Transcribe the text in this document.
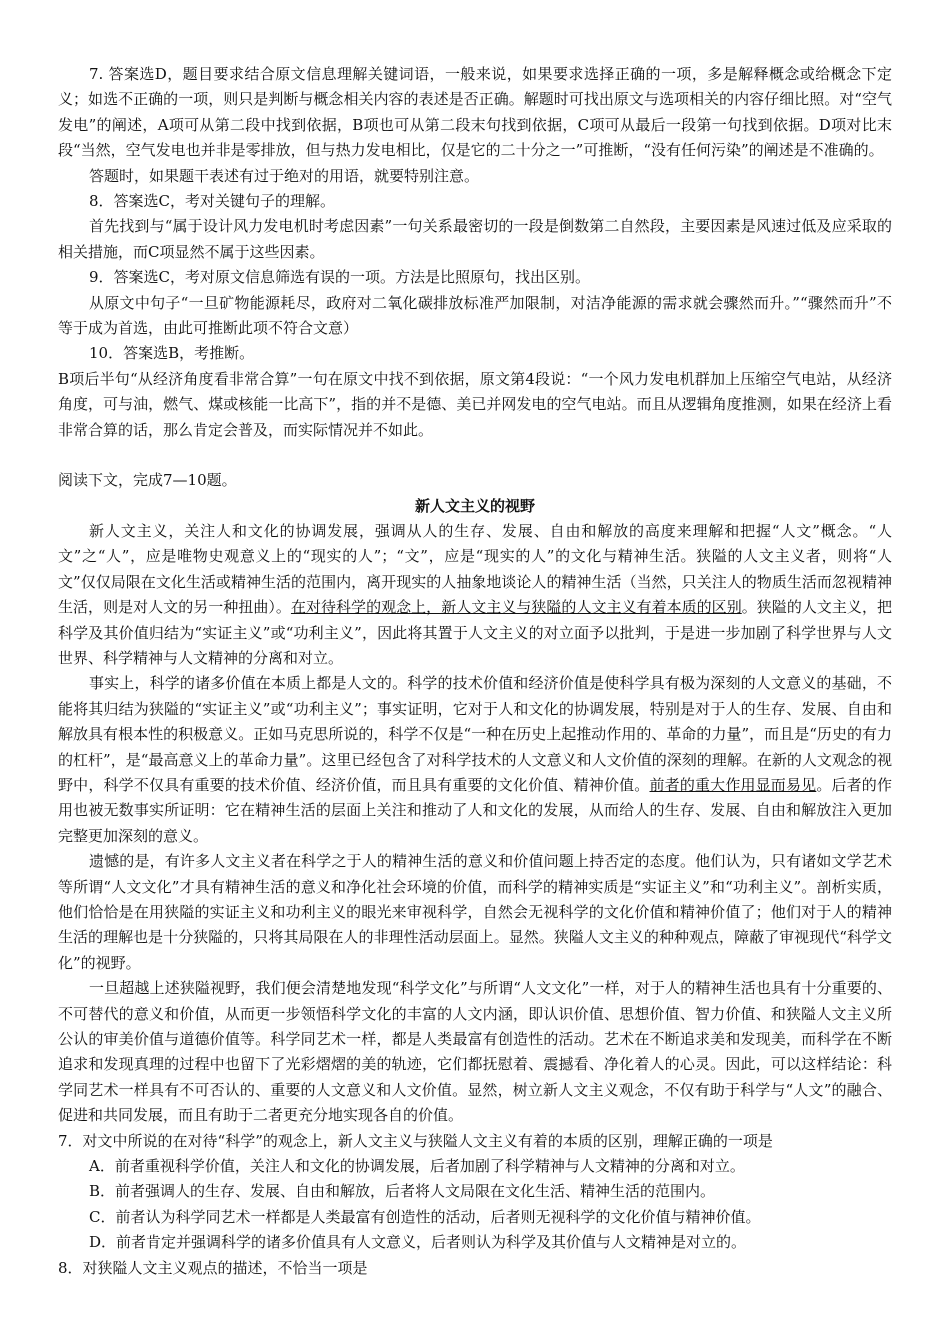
7. 答案选D，题目要求结合原文信息理解关键词语，一般来说，如果要求选择正确的一项，多是解释概念或给概念下定义；如选不正确的一项，则只是判断与概念相关内容的表述是否正确。解题时可找出原文与选项相关的内容仔细比照。对“空气发电”的阐述，A项可从第二段中找到依据，B项也可从第二段末句找到依据，C项可从最后一段第一句找到依据。D项对比末段“当然，空气发电也并非是零排放，但与热力发电相比，仅是它的二十分之一”可推断，“没有任何污染”的阐述是不准确的。

答题时，如果题干表述有过于绝对的用语，就要特别注意。

8．答案选C，考对关键句子的理解。

首先找到与“属于设计风力发电机时考虑因素”一句关系最密切的一段是倒数第二自然段，主要因素是风速过低及应采取的相关措施，而C项显然不属于这些因素。

9．答案选C，考对原文信息筛选有误的一项。方法是比照原句，找出区别。

从原文中句子“一旦矿物能源耗尽，政府对二氧化碳排放标准严加限制，对洁净能源的需求就会骤然而升。”“骤然而升”不等于成为首选，由此可推断此项不符合文意）

10．答案选B，考推断。

B项后半句“从经济角度看非常合算”一句在原文中找不到依据，原文第4段说：“一个风力发电机群加上压缩空气电站，从经济角度，可与油，燃气、煤或核能一比高下”，指的并不是德、美已并网发电的空气电站。而且从逻辑角度推测，如果在经济上看非常合算的话，那么肯定会普及，而实际情况并不如此。

阅读下文，完成7—10题。

新人文主义的视野

新人文主义，关注人和文化的协调发展，强调从人的生存、发展、自由和解放的高度来理解和把握“人文”概念。“人文”之“人”，应是唯物史观意义上的“现实的人”；“文”，应是“现实的人”的文化与精神生活。狭隘的人文主义者，则将“人文”仅仅局限在文化生活或精神生活的范围内，离开现实的人抽象地谈论人的精神生活（当然，只关注人的物质生活而忽视精神生活，则是对人文的另一种扭曲）。在对待科学的观念上，新人文主义与狭隘的人文主义有着本质的区别。狭隘的人文主义，把科学及其价值归结为“实证主义”或“功利主义”，因此将其置于人文主义的对立面予以批判，于是进一步加剧了科学世界与人文世界、科学精神与人文精神的分离和对立。

事实上，科学的诸多价值在本质上都是人文的。科学的技术价值和经济价值是使科学具有极为深刻的人文意义的基础，不能将其归结为狭隘的“实证主义”或“功利主义”；事实证明，它对于人和文化的协调发展，特别是对于人的生存、发展、自由和解放具有根本性的积极意义。正如马克思所说的，科学不仅是“一种在历史上起推动作用的、革命的力量”，而且是“历史的有力的杠杆”，是“最高意义上的革命力量”。这里已经包含了对科学技术的人文意义和人文价值的深刻的理解。在新的人文观念的视野中，科学不仅具有重要的技术价值、经济价值，而且具有重要的文化价值、精神价值。前者的重大作用显而易见。后者的作用也被无数事实所证明：它在精神生活的层面上关注和推动了人和文化的发展，从而给人的生存、发展、自由和解放注入更加完整更加深刻的意义。

遗憾的是，有许多人文主义者在科学之于人的精神生活的意义和价值问题上持否定的态度。他们认为，只有诸如文学艺术等所谓“人文文化”才具有精神生活的意义和净化社会环境的价值，而科学的精神实质是“实证主义”和“功利主义”。剖析实质，他们恰恰是在用狭隘的实证主义和功利主义的眼光来审视科学，自然会无视科学的文化价值和精神价值了；他们对于人的精神生活的理解也是十分狭隘的，只将其局限在人的非理性活动层面上。显然。狭隘人文主义的种种观点，障蔽了审视现代“科学文化”的视野。

一旦超越上述狭隘视野，我们便会清楚地发现“科学文化”与所谓“人文文化”一样，对于人的精神生活也具有十分重要的、不可替代的意义和价值，从而更一步领悟科学文化的丰富的人文内涵，即认识价值、思想价值、智力价值、和狭隘人文主义所公认的审美价值与道德价值等。科学同艺术一样，都是人类最富有创造性的活动。艺术在不断追求美和发现美，而科学在不断追求和发现真理的过程中也留下了光彩熠熠的美的轨迹，它们都抚慰着、震撼看、净化着人的心灵。因此，可以这样结论：科学同艺术一样具有不可否认的、重要的人文意义和人文价值。显然，树立新人文主义观念，不仅有助于科学与“人文”的融合、促进和共同发展，而且有助于二者更充分地实现各自的价值。

7．对文中所说的在对待“科学”的观念上，新人文主义与狭隘人文主义有着的本质的区别，理解正确的一项是

A．前者重视科学价值，关注人和文化的协调发展，后者加剧了科学精神与人文精神的分离和对立。

B．前者强调人的生存、发展、自由和解放，后者将人文局限在文化生活、精神生活的范围内。

C．前者认为科学同艺术一样都是人类最富有创造性的活动，后者则无视科学的文化价值与精神价值。

D．前者肯定并强调科学的诸多价值具有人文意义，后者则认为科学及其价值与人文精神是对立的。

8．对狭隘人文主义观点的描述，不恰当一项是
